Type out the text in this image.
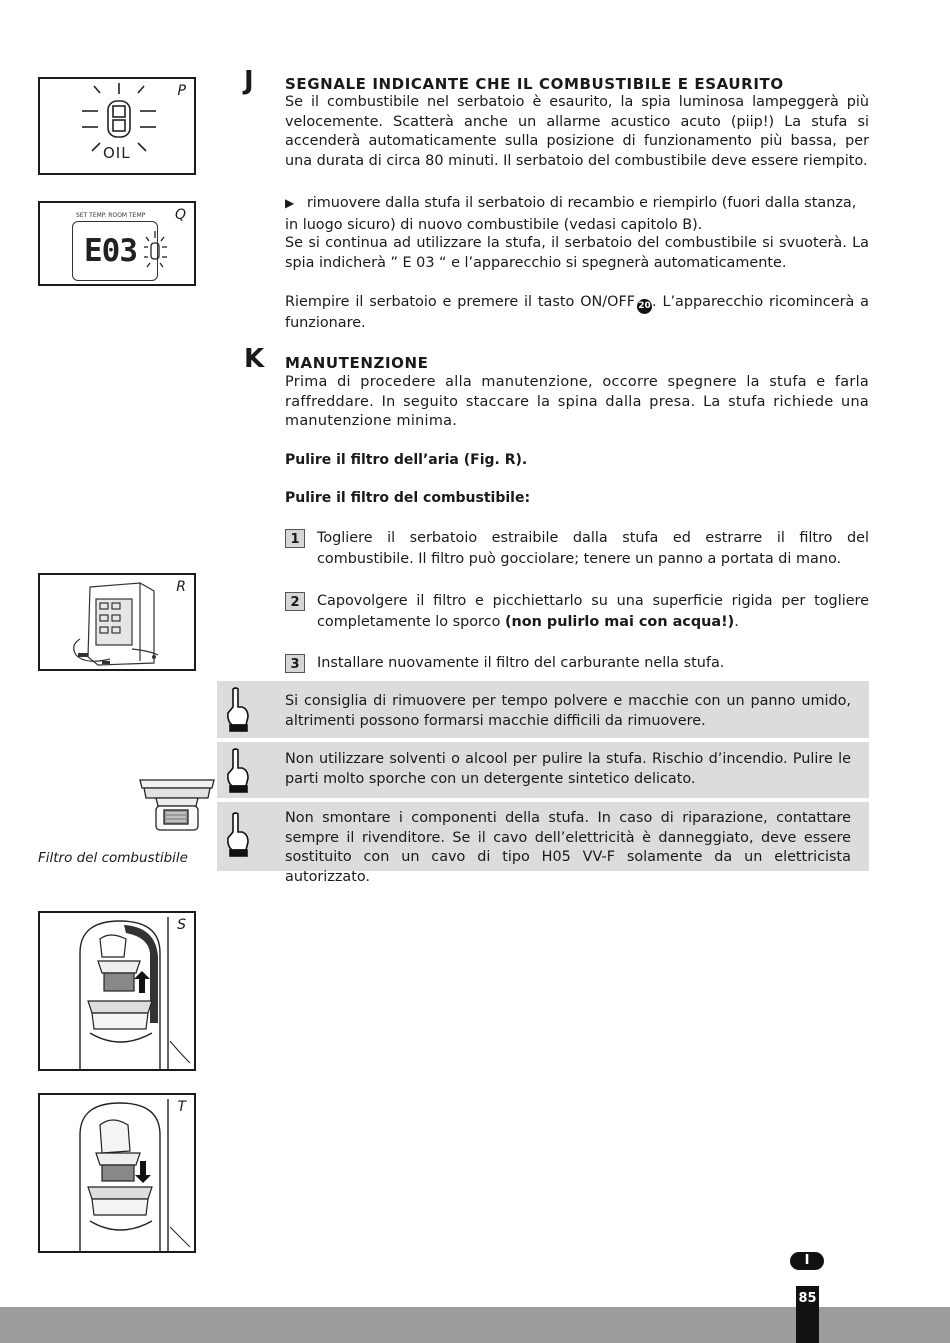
P
OIL
Q
SET TEMP. ROOM TEMP
E03
R
Filtro del combustibile
S
T
J SEGNALE INDICANTE CHE IL COMBUSTIBILE E ESAURITO
Se il combustibile nel serbatoio è esaurito, la spia luminosa lampeggerà più velocemente. Scatterà anche un allarme acustico acuto (piip!) La stufa si accenderà automaticamente sulla posizione di funzionamento più bassa, per una durata di circa 80 minuti. Il serbatoio del combustibile deve essere riempito.
▶ rimuovere dalla stufa il serbatoio di recambio e riempirlo (fuori dalla stanza,
in luogo sicuro) di nuovo combustibile (vedasi capitolo B).
Se si continua ad utilizzare la stufa, il serbatoio del combustibile si svuoterà. La spia indicherà ” E 03 “ e l’apparecchio si spegnerà automaticamente.
Riempire il serbatoio e premere il tasto ON/OFF 20. L’apparecchio ricomincerà a funzionare.
K MANUTENZIONE
Prima di procedere alla manutenzione, occorre spegnere la stufa e farla raffreddare. In seguito staccare la spina dalla presa. La stufa richiede una manutenzione minima.
Pulire il filtro dell’aria (Fig. R).
Pulire il filtro del combustibile:
1	Togliere il serbatoio estraibile dalla stufa ed estrarre il filtro del combustibile. Il filtro può gocciolare; tenere un panno a portata di mano.
2	Capovolgere il filtro e picchiettarlo su una superficie rigida per togliere completamente lo sporco (non pulirlo mai con acqua!).
3	Installare nuovamente il filtro del carburante nella stufa.
Si consiglia di rimuovere per tempo polvere e macchie con un panno umido, altrimenti possono formarsi macchie difficili da rimuovere.
Non utilizzare solventi o alcool per pulire la stufa. Rischio d’incendio. Pulire le parti molto sporche con un detergente sintetico delicato.
Non smontare i componenti della stufa. In caso di riparazione, contattare sempre il rivenditore. Se il cavo dell’elettricità è danneggiato, deve essere sostituito con un cavo di tipo H05 VV-F solamente da un elettricista autorizzato.
I
85
